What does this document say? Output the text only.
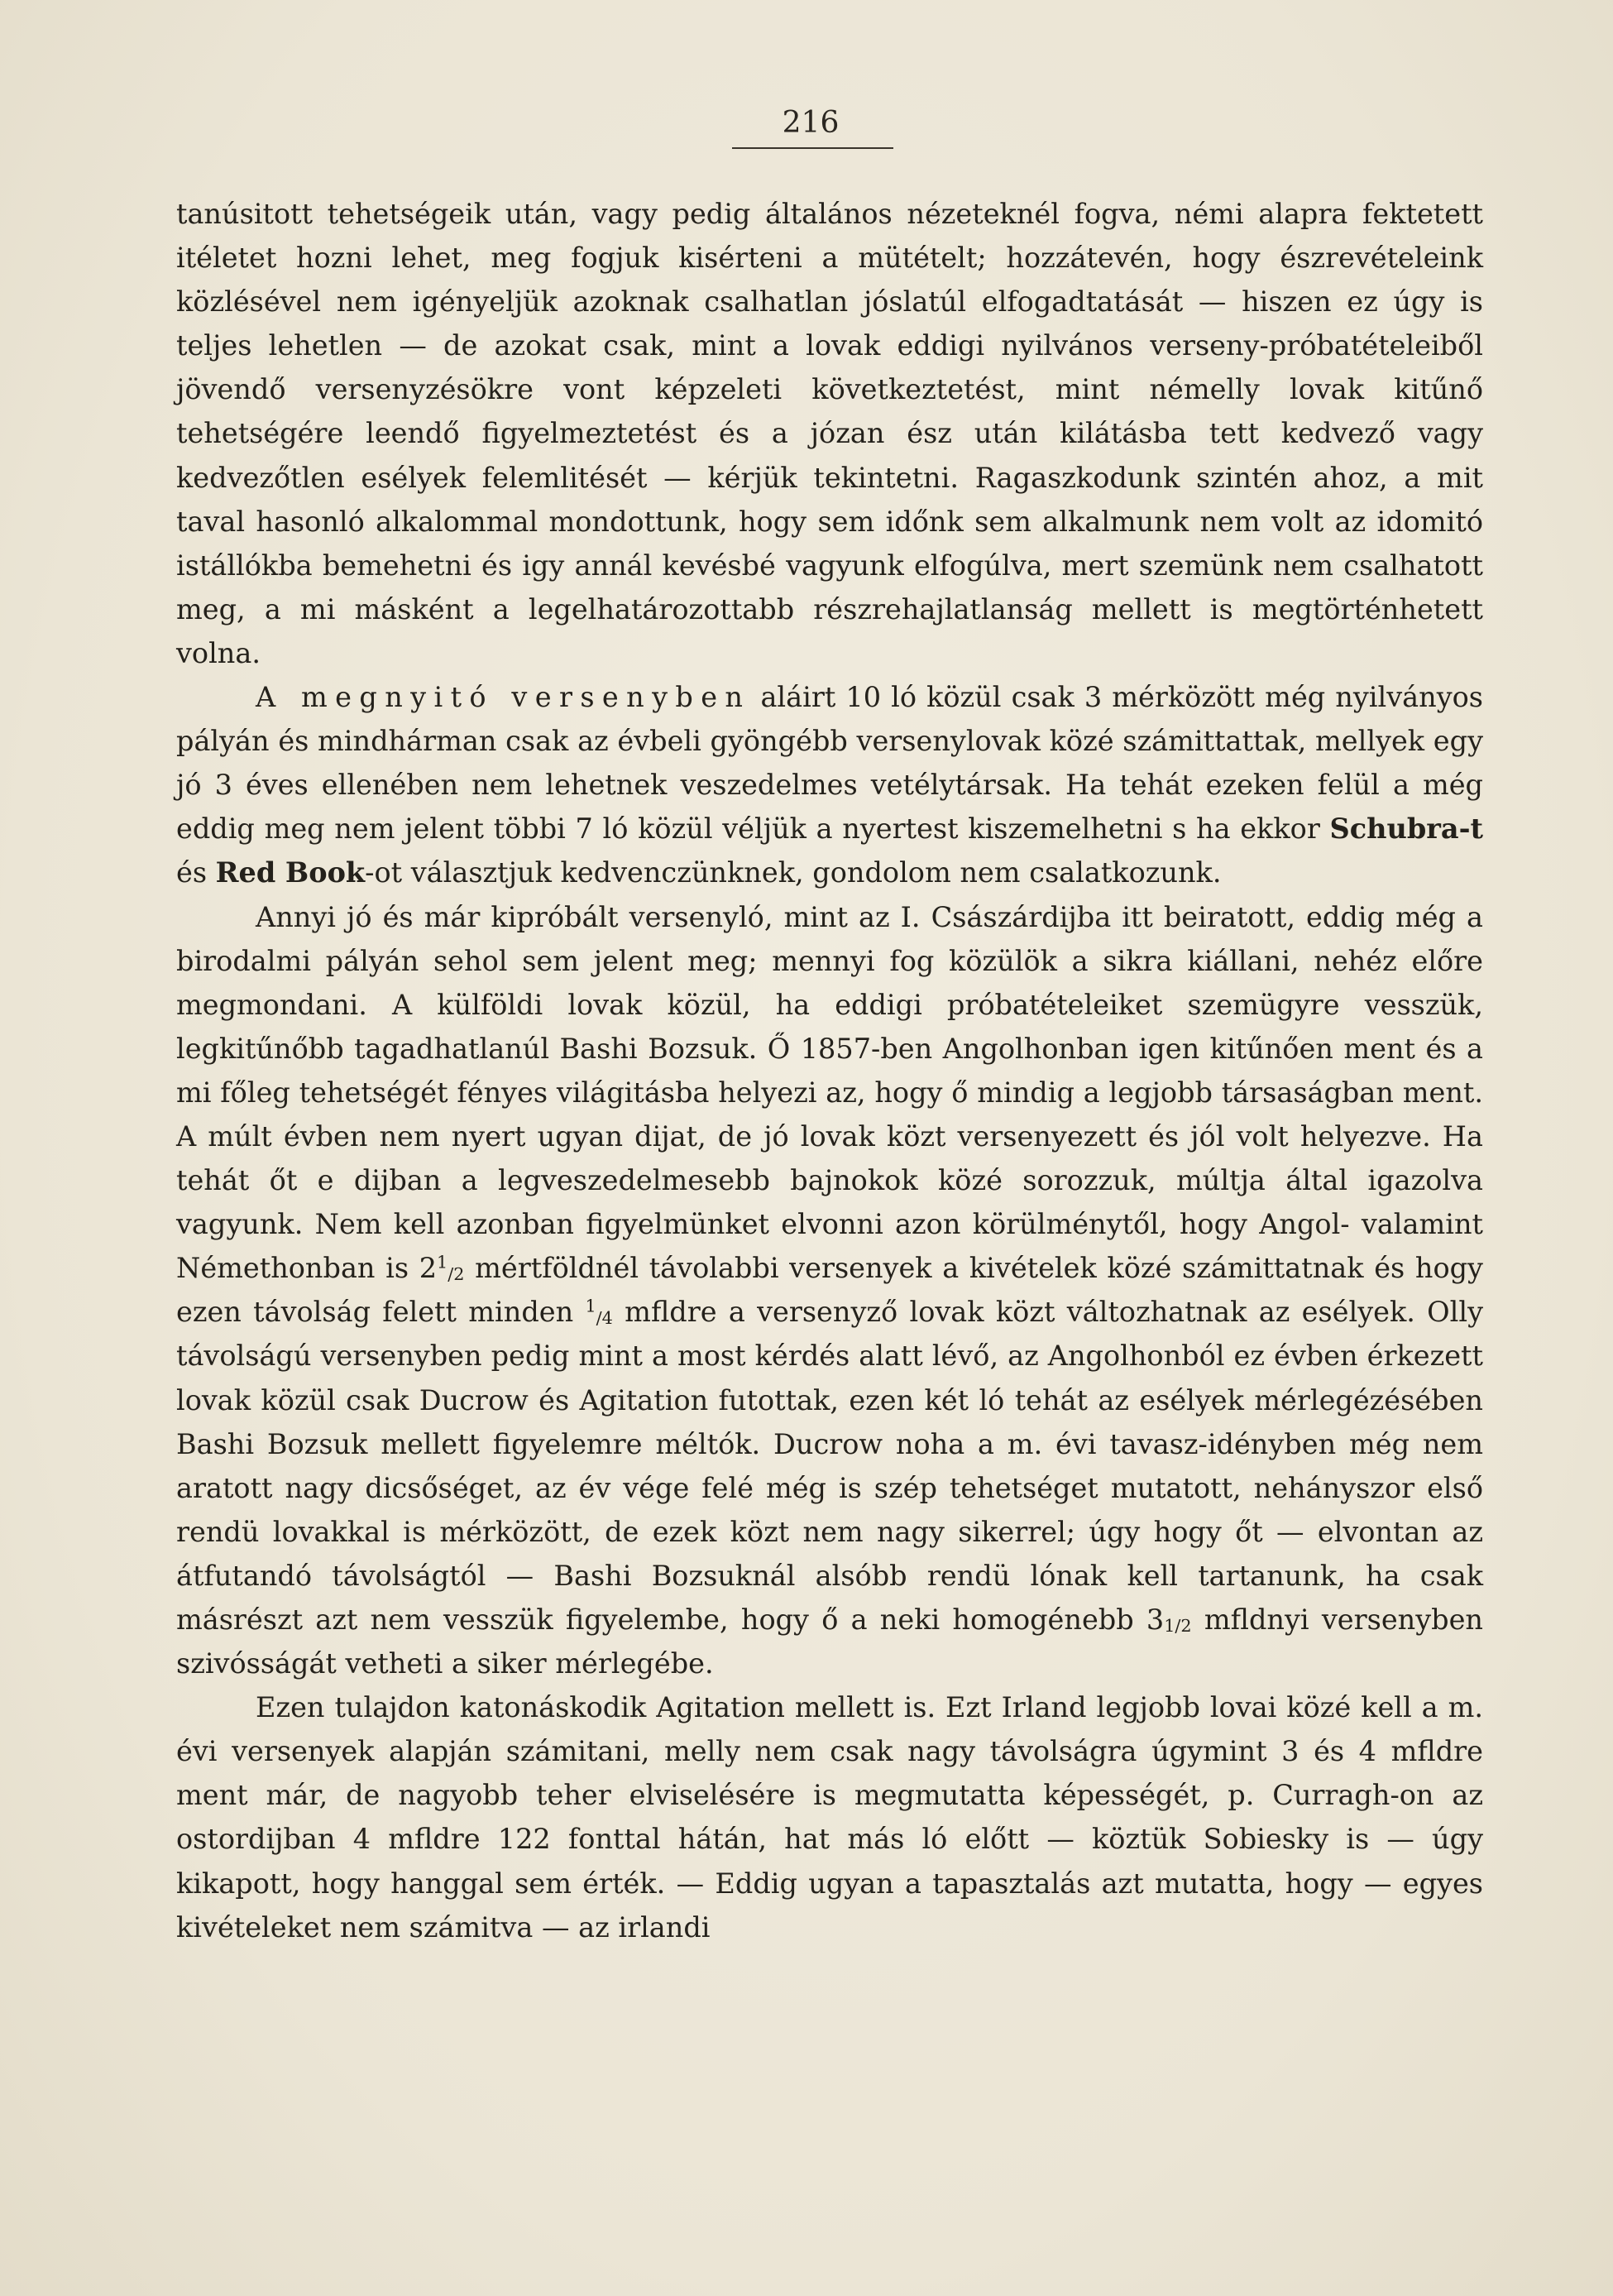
216

tanúsitott tehetségeik után, vagy pedig általános nézeteknél fogva, némi alapra fektetett itéletet hozni lehet, meg fogjuk kisérteni a mütételt; hozzátevén, hogy észrevételeink közlésével nem igényeljük azoknak csalhatlan jóslatúl elfogadtatását — hiszen ez úgy is teljes lehetlen — de azokat csak, mint a lovak eddigi nyilvános verseny-próbatételeiből jövendő versenyzésökre vont képzeleti következtetést, mint némelly lovak kitűnő tehetségére leendő figyelmeztetést és a józan ész után kilátásba tett kedvező vagy kedvezőtlen esélyek felemlitését — kérjük tekintetni. Ragaszkodunk szintén ahoz, a mit taval hasonló alkalommal mondottunk, hogy sem időnk sem alkalmunk nem volt az idomitó istállókba bemehetni és igy annál kevésbé vagyunk elfogúlva, mert szemünk nem csalhatott meg, a mi másként a legelhatározottabb részrehajlatlanság mellett is megtörténhetett volna.

A megnyitó versenyben aláirt 10 ló közül csak 3 mérközött még nyilványos pályán és mindhárman csak az évbeli gyöngébb versenylovak közé számittattak, mellyek egy jó 3 éves ellenében nem lehetnek veszedelmes vetélytársak. Ha tehát ezeken felül a még eddig meg nem jelent többi 7 ló közül véljük a nyertest kiszemelhetni s ha ekkor Schubra-t és Red Book-ot választjuk kedvenczünknek, gondolom nem csalatkozunk.

Annyi jó és már kipróbált versenyló, mint az I. Császárdijba itt beiratott, eddig még a birodalmi pályán sehol sem jelent meg; mennyi fog közülök a sikra kiállani, nehéz előre megmondani. A külföldi lovak közül, ha eddigi próbatételeiket szemügyre vesszük, legkitűnőbb tagadhatlanúl Bashi Bozsuk. Ő 1857-ben Angolhonban igen kitűnően ment és a mi főleg tehetségét fényes világitásba helyezi az, hogy ő mindig a legjobb társaságban ment. A múlt évben nem nyert ugyan dijat, de jó lovak közt versenyezett és jól volt helyezve. Ha tehát őt e dijban a legveszedelmesebb bajnokok közé sorozzuk, múltja által igazolva vagyunk. Nem kell azonban figyelmünket elvonni azon körülménytől, hogy Angol- valamint Némethonban is $2^1_{/2}$ mértföldnél távolabbi versenyek a kivételek közé számittatnak és hogy ezen távolság felett minden $^1_{/4}$ mfldre a versenyző lovak közt változhatnak az esélyek. Olly távolságú versenyben pedig mint a most kérdés alatt lévő, az Angolhonból ez évben érkezett lovak közül csak Ducrow és Agitation futottak, ezen két ló tehát az esélyek mérlegézésében Bashi Bozsuk mellett figyelemre méltók. Ducrow noha a m. évi tavasz-idényben még nem aratott nagy dicsőséget, az év vége felé még is szép tehetséget mutatott, nehányszor első rendü lovakkal is mérközött, de ezek közt nem nagy sikerrel; úgy hogy őt — elvontan az átfutandó távolságtól — Bashi Bozsuknál alsóbb rendü lónak kell tartanunk, ha csak másrészt azt nem vesszük figyelembe, hogy ő a neki homogénebb $3_{1/2}$ mfldnyi versenyben szivósságát vetheti a siker mérlegébe.

Ezen tulajdon katonáskodik Agitation mellett is. Ezt Irland legjobb lovai közé kell a m. évi versenyek alapján számitani, melly nem csak nagy távolságra úgymint 3 és 4 mfldre ment már, de nagyobb teher elviselésére is megmutatta képességét, p. Curragh-on az ostordijban 4 mfldre 122 fonttal hátán, hat más ló előtt — köztük Sobiesky is — úgy kikapott, hogy hanggal sem érték. — Eddig ugyan a tapasztalás azt mutatta, hogy — egyes kivételeket nem számitva — az irlandi
